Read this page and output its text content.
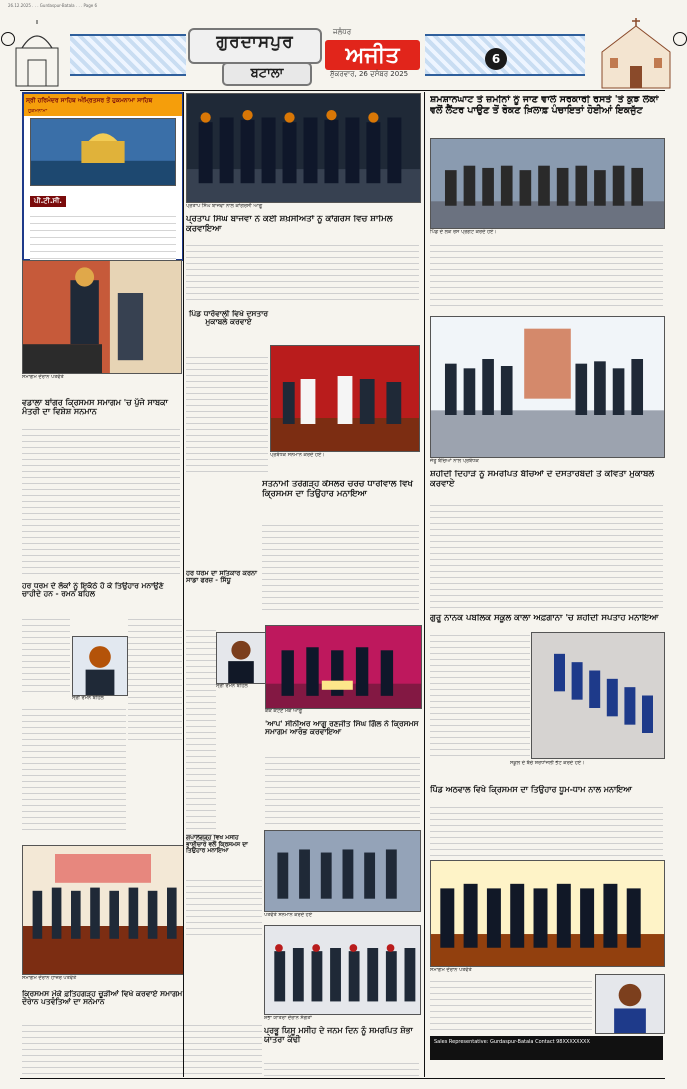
26.12.2025 . . . Gurdaspur-Batala . . . Page 6
ਗੁਰਦਾਸਪੁਰ
ਬਟਾਲਾ
ਜਲੰਧਰ
ਅਜੀਤ
ਸ਼ੁੱਕਰਵਾਰ, 26 ਦਸੰਬਰ 2025
6
ਸ੍ਰੀ ਹਰਿਮੰਦਰ ਸਾਹਿਬ ਅੰਮ੍ਰਿਤਸਰ ਤੋਂ ਹੁਕਮਨਾਮਾ ਸਾਹਿਬ
ਹੁਕਮਨਾਮਾ
ਪੀ.ਟੀ.ਸੀ.
ਸ਼ਮਸ਼ਾਨਘਾਟ ਤੇ ਜ਼ਮੀਨਾਂ ਨੂੰ ਜਾਣ ਵਾਲੇ ਸਰਕਾਰੀ ਰਸਤੇ 'ਤੇ ਕੁਝ ਲੋਕਾਂ ਵਲੋਂ ਲੈਂਟਰ ਪਾਉਣ ਤੋਂ ਰੋਕਣ ਖ਼ਿਲਾਫ਼ ਪੰਚਾਇਤਾਂ ਹੋਈਆਂ ਇਕਜੁੱਟ
ਪਿੰਡ ਦੇ ਲੋਕ ਰੋਸ ਪ੍ਰਗਟ ਕਰਦੇ ਹੋਏ।
ਪ੍ਰਤਾਪ ਸਿੰਘ ਬਾਜਵਾ ਨਾਲ ਕਾਂਗਰਸੀ ਆਗੂ
ਪ੍ਰਤਾਪ ਸਿੰਘ ਬਾਜਵਾ ਨੇ ਕਈ ਸ਼ਖ਼ਸੀਅਤਾਂ ਨੂੰ ਕਾਂਗਰਸ ਵਿਚ ਸ਼ਾਮਿਲ ਕਰਵਾਇਆ
ਸਮਾਗਮ ਦੌਰਾਨ ਪਤਵੰਤੇ
ਵਡਾਲਾ ਬਾਂਗਰ ਕ੍ਰਿਸਮਸ ਸਮਾਗਮ 'ਚ ਪੁੱਜੇ ਸਾਬਕਾ ਮੰਤਰੀ ਦਾ ਵਿਸ਼ੇਸ਼ ਸਨਮਾਨ
ਪਿੰਡ ਧਾਰੋਵਾਲੀ ਵਿਖੇ ਦਸਤਾਰ ਮੁਕਾਬਲੇ ਕਰਵਾਏ
ਪ੍ਰਬੰਧਕ ਸਨਮਾਨ ਕਰਦੇ ਹੋਏ।
ਜੇਤੂ ਬੱਚਿਆਂ ਨਾਲ ਪ੍ਰਬੰਧਕ
ਸ਼ਹੀਦੀ ਦਿਹਾੜੇ ਨੂੰ ਸਮਰਪਿਤ ਬੱਚਿਆਂ ਦੇ ਦਸਤਾਰਬੰਦੀ ਤੇ ਕਵਿਤਾ ਮੁਕਾਬਲੇ ਕਰਵਾਏ
ਸਤਨਾਮੀ ਤਰੇਗੜ੍ਹ ਕੌਂਸਲਰ ਚਰਚ ਧਾਰੀਵਾਲ ਵਿਖੇ ਕ੍ਰਿਸਮਸ ਦਾ ਤਿਉਹਾਰ ਮਨਾਇਆ
ਹਰ ਧਰਮ ਦਾ ਸਤਿਕਾਰ ਕਰਨਾ ਸਾਡਾ ਫਰਜ਼ - ਸਿੱਧੂ
ਗੁਰੂ ਨਾਨਕ ਪਬਲਿਕ ਸਕੂਲ ਕਾਲਾ ਅਫ਼ਗਾਨਾ 'ਚ ਸ਼ਹੀਦੀ ਸਪਤਾਹ ਮਨਾਇਆ
ਸਕੂਲ ਦੇ ਬੱਚੇ ਸ਼ਰਧਾਂਜਲੀ ਭੇਟ ਕਰਦੇ ਹੋਏ।
ਹਰ ਧਰਮ ਦੇ ਲੋਕਾਂ ਨੂੰ ਇਕੱਠੇ ਹੋ ਕੇ ਤਿਉਹਾਰ ਮਨਾਉਣੇ ਚਾਹੀਦੇ ਹਨ - ਰਮਨ ਬਹਿਲ
ਸ੍ਰੀ ਰਮਨ ਬਹਿਲ
ਸ੍ਰੀ ਰਮਨ ਬਹਿਲ
ਕੇਕ ਕੱਟਣ ਮੌਕੇ ਆਗੂ
'ਆਪ' ਸੀਨੀਅਰ ਆਗੂ ਰਣਜੀਤ ਸਿੰਘ ਗਿੱਲ ਨੇ ਕ੍ਰਿਸਮਸ ਸਮਾਗਮ ਆਰੰਭ ਕਰਵਾਇਆ
ਗੋਪਾਲਗੜ੍ਹ ਵਿਖੇ ਮਸੀਹ ਭਾਈਚਾਰੇ ਵਲੋਂ ਕ੍ਰਿਸਮਸ ਦਾ ਤਿਉਹਾਰ ਮਨਾਇਆ
ਪਤਵੰਤੇ ਸਨਮਾਨ ਕਰਦੇ ਹੋਏ
ਸਮਾਗਮ ਦੌਰਾਨ ਹਾਜ਼ਰ ਪਤਵੰਤੇ
ਕ੍ਰਿਸਮਸ ਮੌਕੇ ਫ਼ਤਿਹਗੜ੍ਹ ਚੂੜੀਆਂ ਵਿਖੇ ਕਰਵਾਏ ਸਮਾਗਮ ਦੌਰਾਨ ਪਤਵੰਤਿਆਂ ਦਾ ਸਨਮਾਨ
ਸ਼ੋਭਾ ਯਾਤਰਾ ਦੌਰਾਨ ਸੰਗਤਾਂ
ਪ੍ਰਭੂ ਯਿਸੂ ਮਸੀਹ ਦੇ ਜਨਮ ਦਿਨ ਨੂੰ ਸਮਰਪਿਤ ਸ਼ੋਭਾ ਯਾਤਰਾ ਕੱਢੀ
ਪਿੰਡ ਅਠਵਾਲ ਵਿਖੇ ਕ੍ਰਿਸਮਸ ਦਾ ਤਿਉਹਾਰ ਧੂਮ-ਧਾਮ ਨਾਲ ਮਨਾਇਆ
ਸਮਾਗਮ ਦੌਰਾਨ ਪਤਵੰਤੇ
Sales Representative: Gurdaspur-Batala Contact 98XXXXXXXX
